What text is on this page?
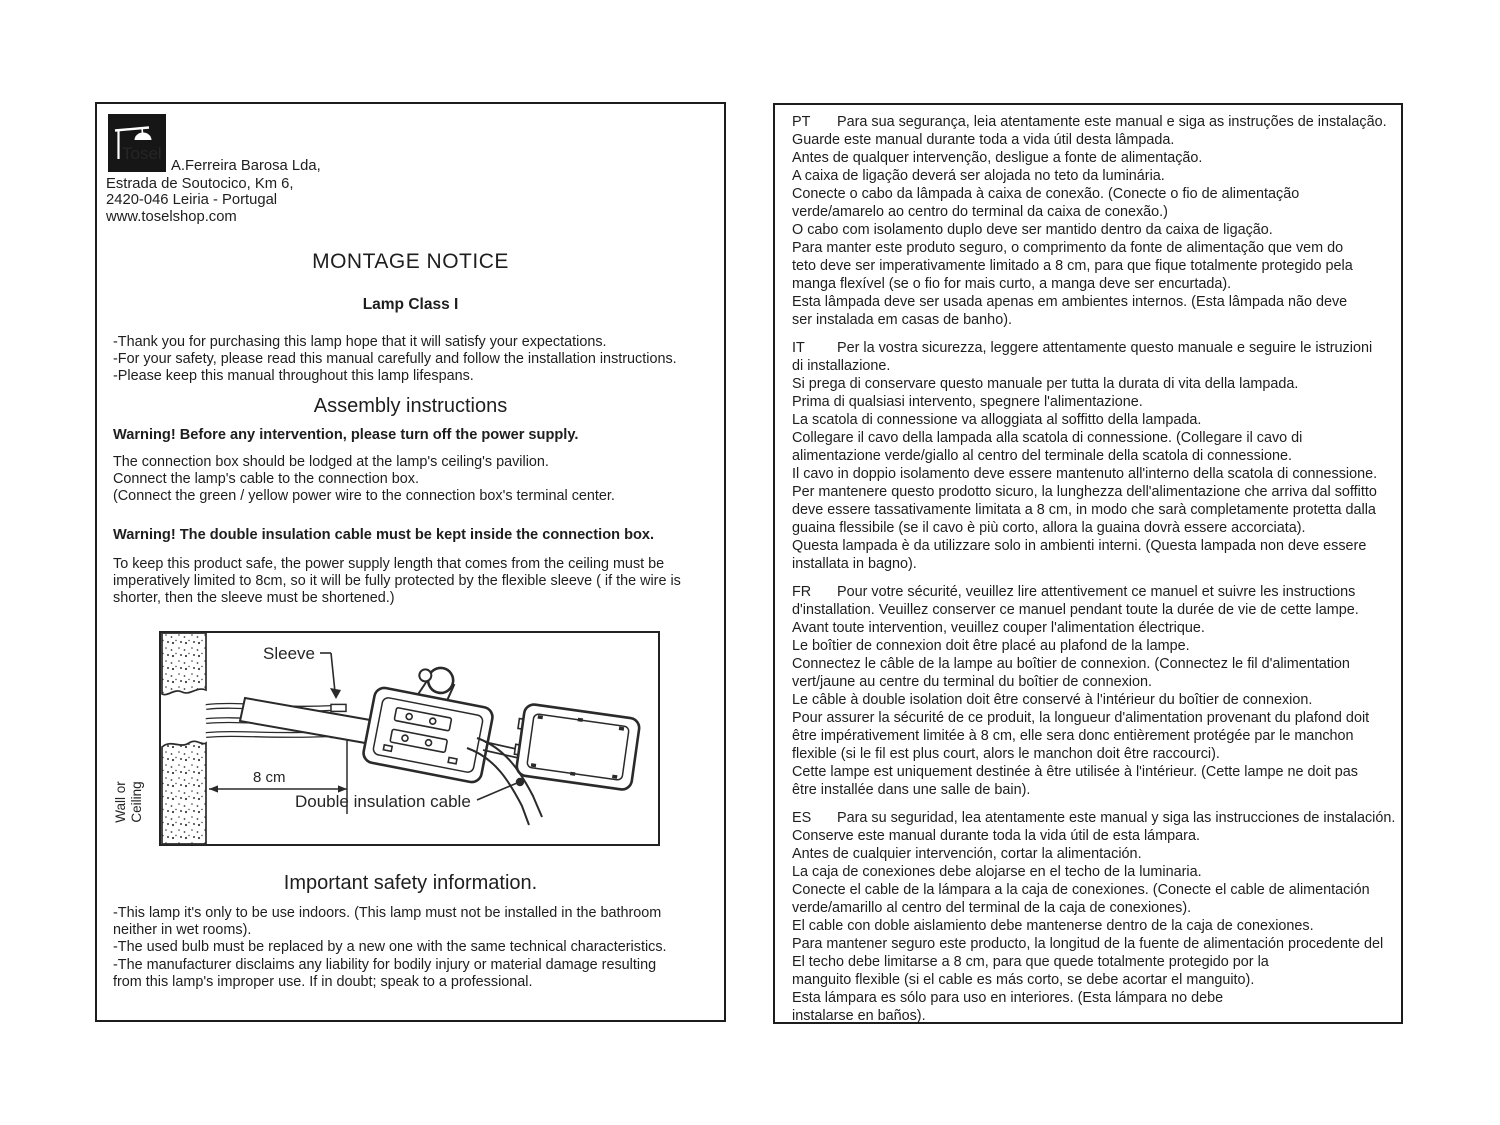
Tosel
A.Ferreira Barosa Lda,
Estrada de Soutocico, Km 6,
2420-046 Leiria - Portugal
www.toselshop.com
MONTAGE NOTICE
Lamp Class I
-Thank you for purchasing this lamp hope that it will satisfy your expectations.
-For your safety, please read this manual carefully and follow the installation instructions.
-Please keep this manual throughout this lamp lifespans.
Assembly instructions
Warning! Before any intervention, please turn off the power supply.
The connection box should be lodged at the lamp's ceiling's pavilion.
Connect the lamp's cable to the connection box.
(Connect the green / yellow power wire to the connection box's terminal center.
Warning! The double insulation cable must be kept inside the connection box.
To keep this product safe, the power supply length that comes from the ceiling must be
imperatively limited to 8cm, so it will be fully protected by the flexible sleeve ( if the wire is
shorter, then the sleeve must be shortened.)
Wall or Ceiling
8 cm
Sleeve
Double insulation cable
Important safety information.
-This lamp it's only to be use indoors. (This lamp must not be installed in the bathroom
neither in wet rooms).
-The used bulb must be replaced by a new one with the same technical characteristics.
-The manufacturer disclaims any liability for bodily injury or material damage resulting
from this lamp's improper use. If in doubt; speak to a professional.
PT Para sua segurança, leia atentamente este manual e siga as instruções de instalação.
Guarde este manual durante toda a vida útil desta lâmpada.
Antes de qualquer intervenção, desligue a fonte de alimentação.
A caixa de ligação deverá ser alojada no teto da luminária.
Conecte o cabo da lâmpada à caixa de conexão. (Conecte o fio de alimentação
verde/amarelo ao centro do terminal da caixa de conexão.)
O cabo com isolamento duplo deve ser mantido dentro da caixa de ligação.
Para manter este produto seguro, o comprimento da fonte de alimentação que vem do
teto deve ser imperativamente limitado a 8 cm, para que fique totalmente protegido pela
manga flexível (se o fio for mais curto, a manga deve ser encurtada).
Esta lâmpada deve ser usada apenas em ambientes internos. (Esta lâmpada não deve
ser instalada em casas de banho).
IT Per la vostra sicurezza, leggere attentamente questo manuale e seguire le istruzioni
di installazione.
Si prega di conservare questo manuale per tutta la durata di vita della lampada.
Prima di qualsiasi intervento, spegnere l'alimentazione.
La scatola di connessione va alloggiata al soffitto della lampada.
Collegare il cavo della lampada alla scatola di connessione. (Collegare il cavo di
alimentazione verde/giallo al centro del terminale della scatola di connessione.
Il cavo in doppio isolamento deve essere mantenuto all'interno della scatola di connessione.
Per mantenere questo prodotto sicuro, la lunghezza dell'alimentazione che arriva dal soffitto
deve essere tassativamente limitata a 8 cm, in modo che sarà completamente protetta dalla
guaina flessibile (se il cavo è più corto, allora la guaina dovrà essere accorciata).
Questa lampada è da utilizzare solo in ambienti interni. (Questa lampada non deve essere
installata in bagno).
FR Pour votre sécurité, veuillez lire attentivement ce manuel et suivre les instructions
d'installation. Veuillez conserver ce manuel pendant toute la durée de vie de cette lampe.
Avant toute intervention, veuillez couper l'alimentation électrique.
Le boîtier de connexion doit être placé au plafond de la lampe.
Connectez le câble de la lampe au boîtier de connexion. (Connectez le fil d'alimentation
vert/jaune au centre du terminal du boîtier de connexion.
Le câble à double isolation doit être conservé à l'intérieur du boîtier de connexion.
Pour assurer la sécurité de ce produit, la longueur d'alimentation provenant du plafond doit
être impérativement limitée à 8 cm, elle sera donc entièrement protégée par le manchon
flexible (si le fil est plus court, alors le manchon doit être raccourci).
Cette lampe est uniquement destinée à être utilisée à l'intérieur. (Cette lampe ne doit pas
être installée dans une salle de bain).
ES Para su seguridad, lea atentamente este manual y siga las instrucciones de instalación.
Conserve este manual durante toda la vida útil de esta lámpara.
Antes de cualquier intervención, cortar la alimentación.
La caja de conexiones debe alojarse en el techo de la luminaria.
Conecte el cable de la lámpara a la caja de conexiones. (Conecte el cable de alimentación
verde/amarillo al centro del terminal de la caja de conexiones).
El cable con doble aislamiento debe mantenerse dentro de la caja de conexiones.
Para mantener seguro este producto, la longitud de la fuente de alimentación procedente del
El techo debe limitarse a 8 cm, para que quede totalmente protegido por la
manguito flexible (si el cable es más corto, se debe acortar el manguito).
Esta lámpara es sólo para uso en interiores. (Esta lámpara no debe
instalarse en baños).
